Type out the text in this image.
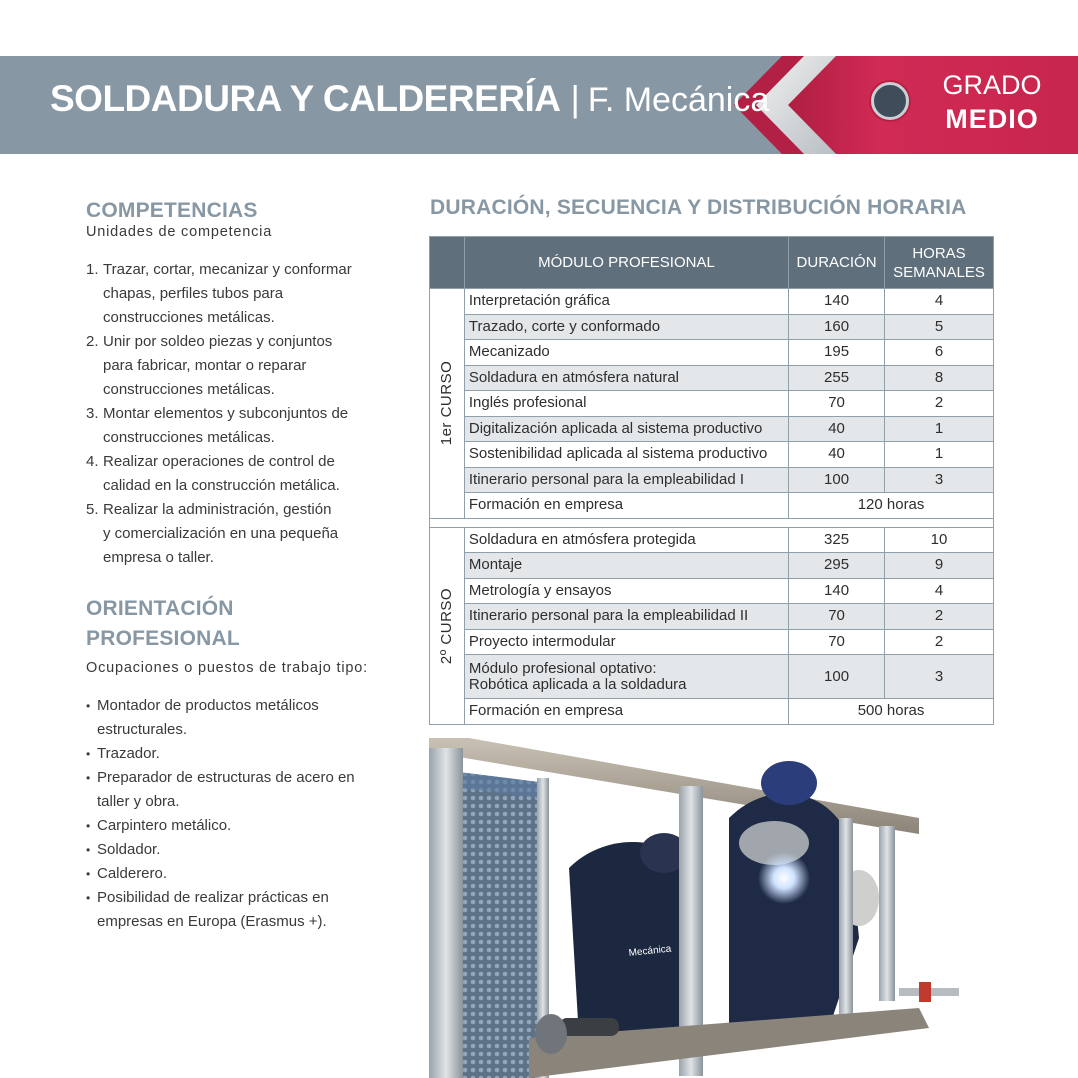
SOLDADURA Y CALDERERÍA | F. Mecánica	GRADO
MEDIO
COMPETENCIAS
Unidades de competencia
1. Trazar, cortar, mecanizar y conformar
chapas, perfiles tubos para
construcciones metálicas.
2. Unir por soldeo piezas y conjuntos
para fabricar, montar o reparar
construcciones metálicas.
3. Montar elementos y subconjuntos de
construcciones metálicas.
4. Realizar operaciones de control de
calidad en la construcción metálica.
5. Realizar la administración, gestión
y comercialización en una pequeña
empresa o taller.
ORIENTACIÓN
PROFESIONAL
Ocupaciones o puestos de trabajo tipo:
• Montador de productos metálicos
estructurales.
• Trazador.
• Preparador de estructuras de acero en
taller y obra.
• Carpintero metálico.
• Soldador.
• Calderero.
• Posibilidad de realizar prácticas en
empresas en Europa (Erasmus +).
DURACIÓN, SECUENCIA Y DISTRIBUCIÓN HORARIA
	MÓDULO PROFESIONAL	DURACIÓN	HORAS
SEMANALES

1er CURSO	Interpretación gráfica	140	4
	Trazado, corte y conformado	160	5
	Mecanizado	195	6
	Soldadura en atmósfera natural	255	8
	Inglés profesional	70	2
	Digitalización aplicada al sistema productivo	40	1
	Sostenibilidad aplicada al sistema productivo	40	1
	Itinerario personal para la empleabilidad I	100	3
	Formación en empresa	120 horas	

2º CURSO	Soldadura en atmósfera protegida	325	10
	Montaje	295	9
	Metrología y ensayos	140	4
	Itinerario personal para la empleabilidad II	70	2
	Proyecto intermodular	70	2

	Módulo profesional optativo:
Robótica aplicada a la soldadura	100	3
	Formación en empresa	500 horas	
Mecánica
